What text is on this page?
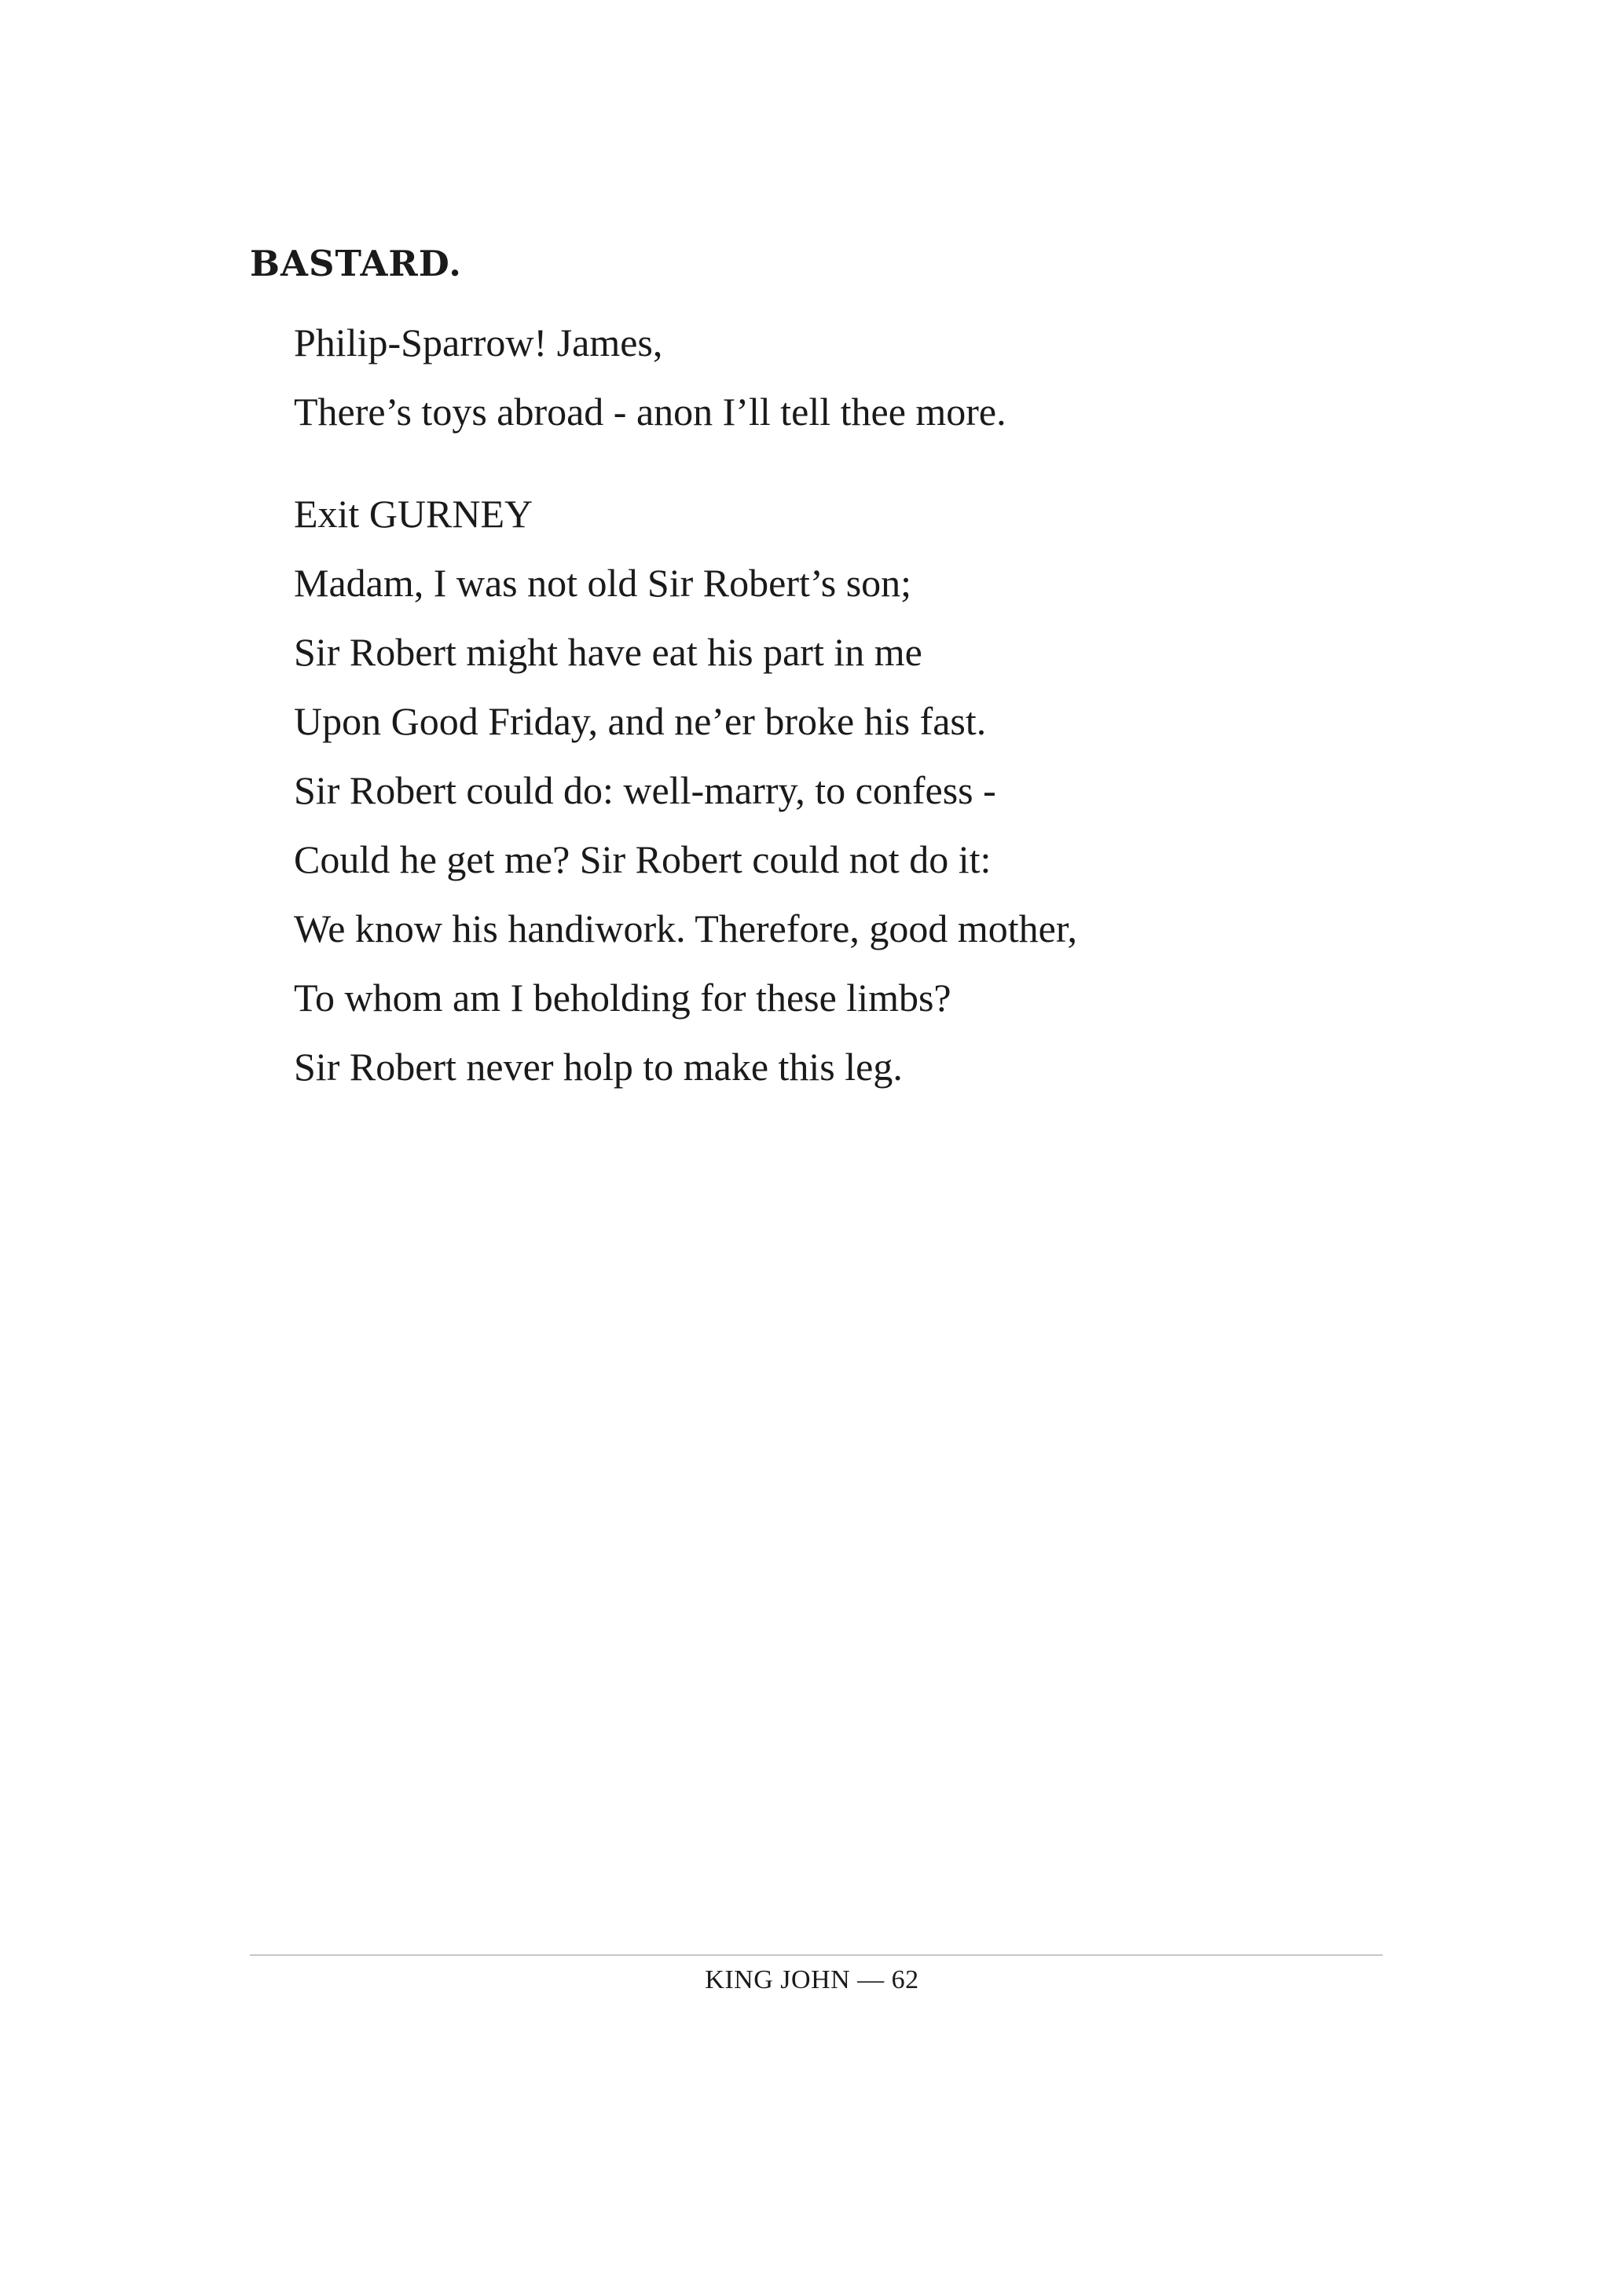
BASTARD.

Philip-Sparrow! James,
There’s toys abroad - anon I’ll tell thee more.
Exit GURNEY
Madam, I was not old Sir Robert’s son;
Sir Robert might have eat his part in me
Upon Good Friday, and ne’er broke his fast.
Sir Robert could do: well-marry, to confess -
Could he get me? Sir Robert could not do it:
We know his handiwork. Therefore, good mother,
To whom am I beholding for these limbs?
Sir Robert never holp to make this leg.
KING JOHN — 62
